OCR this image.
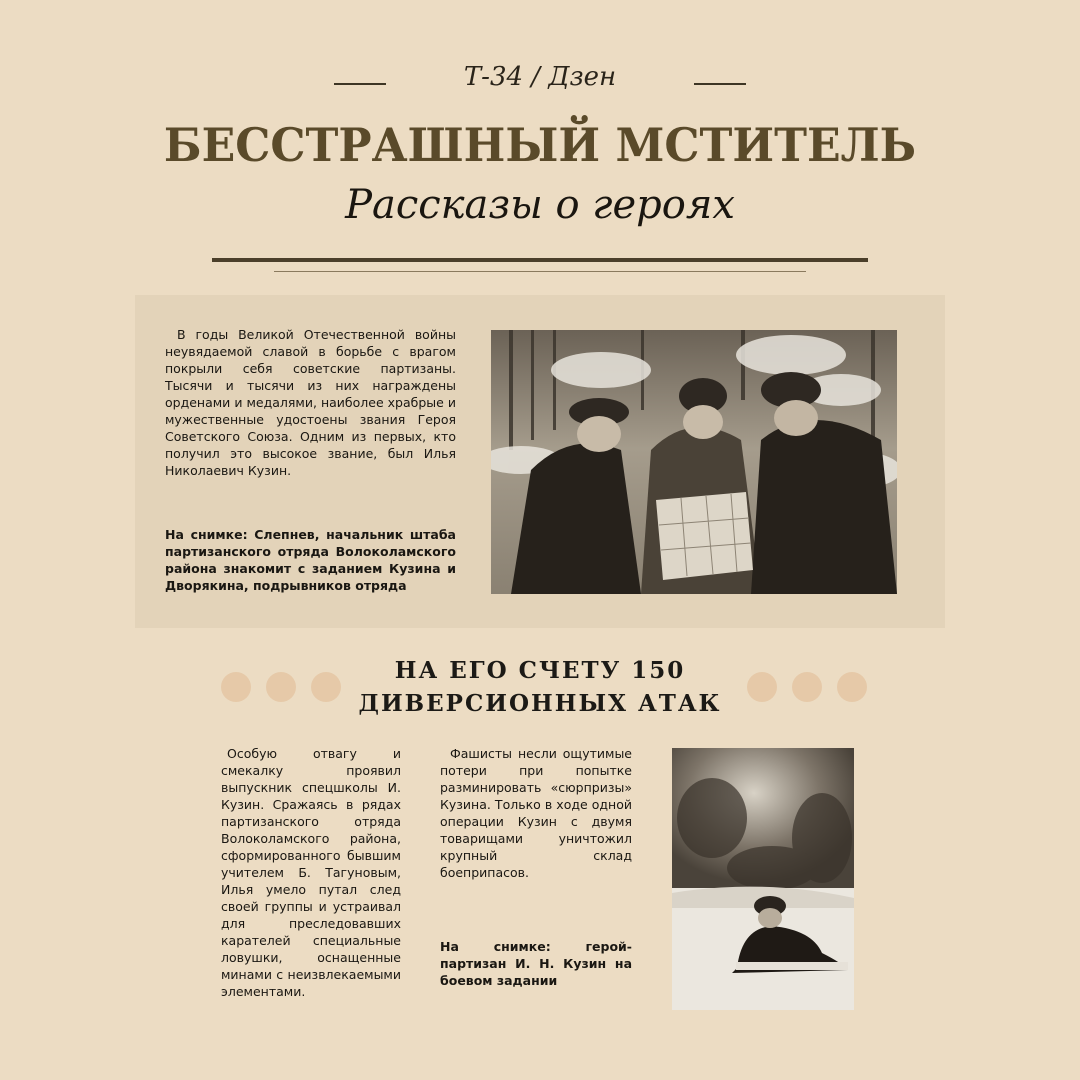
Т-34 / Дзен
БЕССТРАШНЫЙ МСТИТЕЛЬ
Рассказы о героях
В годы Великой Отечественной войны неувядаемой славой в борьбе с врагом покрыли себя советские партизаны. Тысячи и тысячи из них награждены орденами и медалями, наиболее храбрые и мужественные удостоены звания Героя Советского Союза. Одним из первых, кто получил это высокое звание, был Илья Николаевич Кузин.
На снимке: Слепнев, начальник штаба партизанского отряда Волоколамского района знакомит с заданием Кузина и Дворякина, подрывников отряда
НА ЕГО СЧЕТУ 150
ДИВЕРСИОННЫХ АТАК
Особую отвагу и смекалку проявил выпускник спецшколы И. Кузин. Сражаясь в рядах партизанского отряда Волоколамского района, сформированного бывшим учителем Б. Тагуновым, Илья умело путал след своей группы и устраивал для преследовавших карателей специальные ловушки, оснащенные минами с неизвлекаемыми элементами.
Фашисты несли ощутимые потери при попытке разминировать «сюрпризы» Кузина. Только в ходе одной операции Кузин с двумя товарищами уничтожил крупный склад боеприпасов.
На снимке: герой-партизан И. Н. Кузин на боевом задании
